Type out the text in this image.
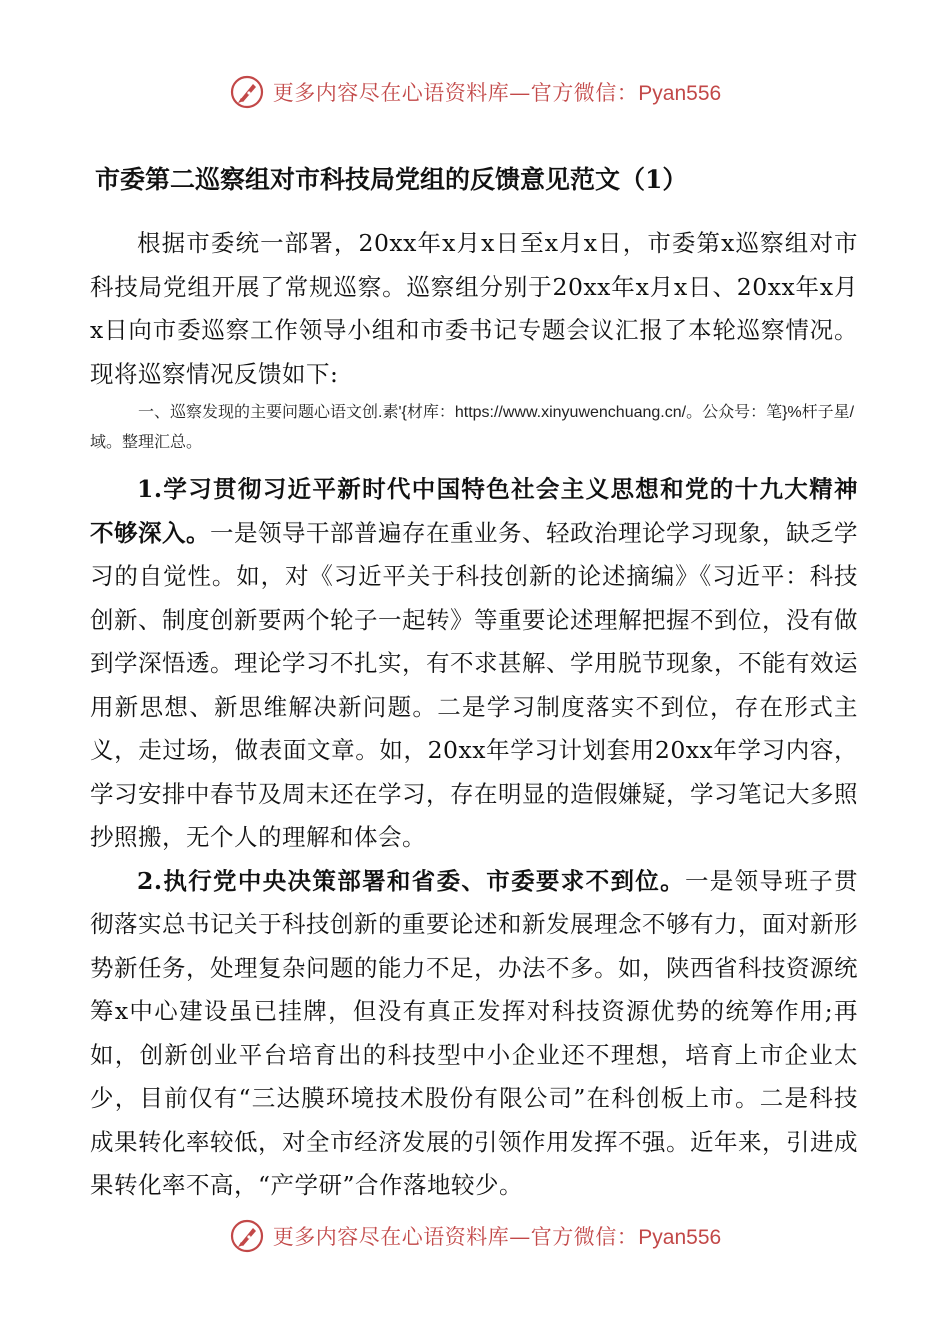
更多内容尽在心语资料库—官方微信：Pyan556
市委第二巡察组对市科技局党组的反馈意见范文（1）

根据市委统一部署，20xx年x月x日至x月x日，市委第x巡察组对市科技局党组开展了常规巡察。巡察组分别于20xx年x月x日、20xx年x月x日向市委巡察工作领导小组和市委书记专题会议汇报了本轮巡察情况。现将巡察情况反馈如下:

一、巡察发现的主要问题心语文创.素'{材库：https://www.xinyuwenchuang.cn/。公众号：笔}%杆子星/域。整理汇总。

1.学习贯彻习近平新时代中国特色社会主义思想和党的十九大精神不够深入。一是领导干部普遍存在重业务、轻政治理论学习现象，缺乏学习的自觉性。如，对《习近平关于科技创新的论述摘编》《习近平：科技创新、制度创新要两个轮子一起转》等重要论述理解把握不到位，没有做到学深悟透。理论学习不扎实，有不求甚解、学用脱节现象，不能有效运用新思想、新思维解决新问题。二是学习制度落实不到位，存在形式主义，走过场，做表面文章。如，20xx年学习计划套用20xx年学习内容，学习安排中春节及周末还在学习，存在明显的造假嫌疑，学习笔记大多照抄照搬，无个人的理解和体会。

2.执行党中央决策部署和省委、市委要求不到位。一是领导班子贯彻落实总书记关于科技创新的重要论述和新发展理念不够有力，面对新形势新任务，处理复杂问题的能力不足，办法不多。如，陕西省科技资源统筹x中心建设虽已挂牌，但没有真正发挥对科技资源优势的统筹作用;再如，创新创业平台培育出的科技型中小企业还不理想，培育上市企业太少，目前仅有“三达膜环境技术股份有限公司”在科创板上市。二是科技成果转化率较低，对全市经济发展的引领作用发挥不强。近年来，引进成果转化率不高，“产学研”合作落地较少。

更多内容尽在心语资料库—官方微信：Pyan556
